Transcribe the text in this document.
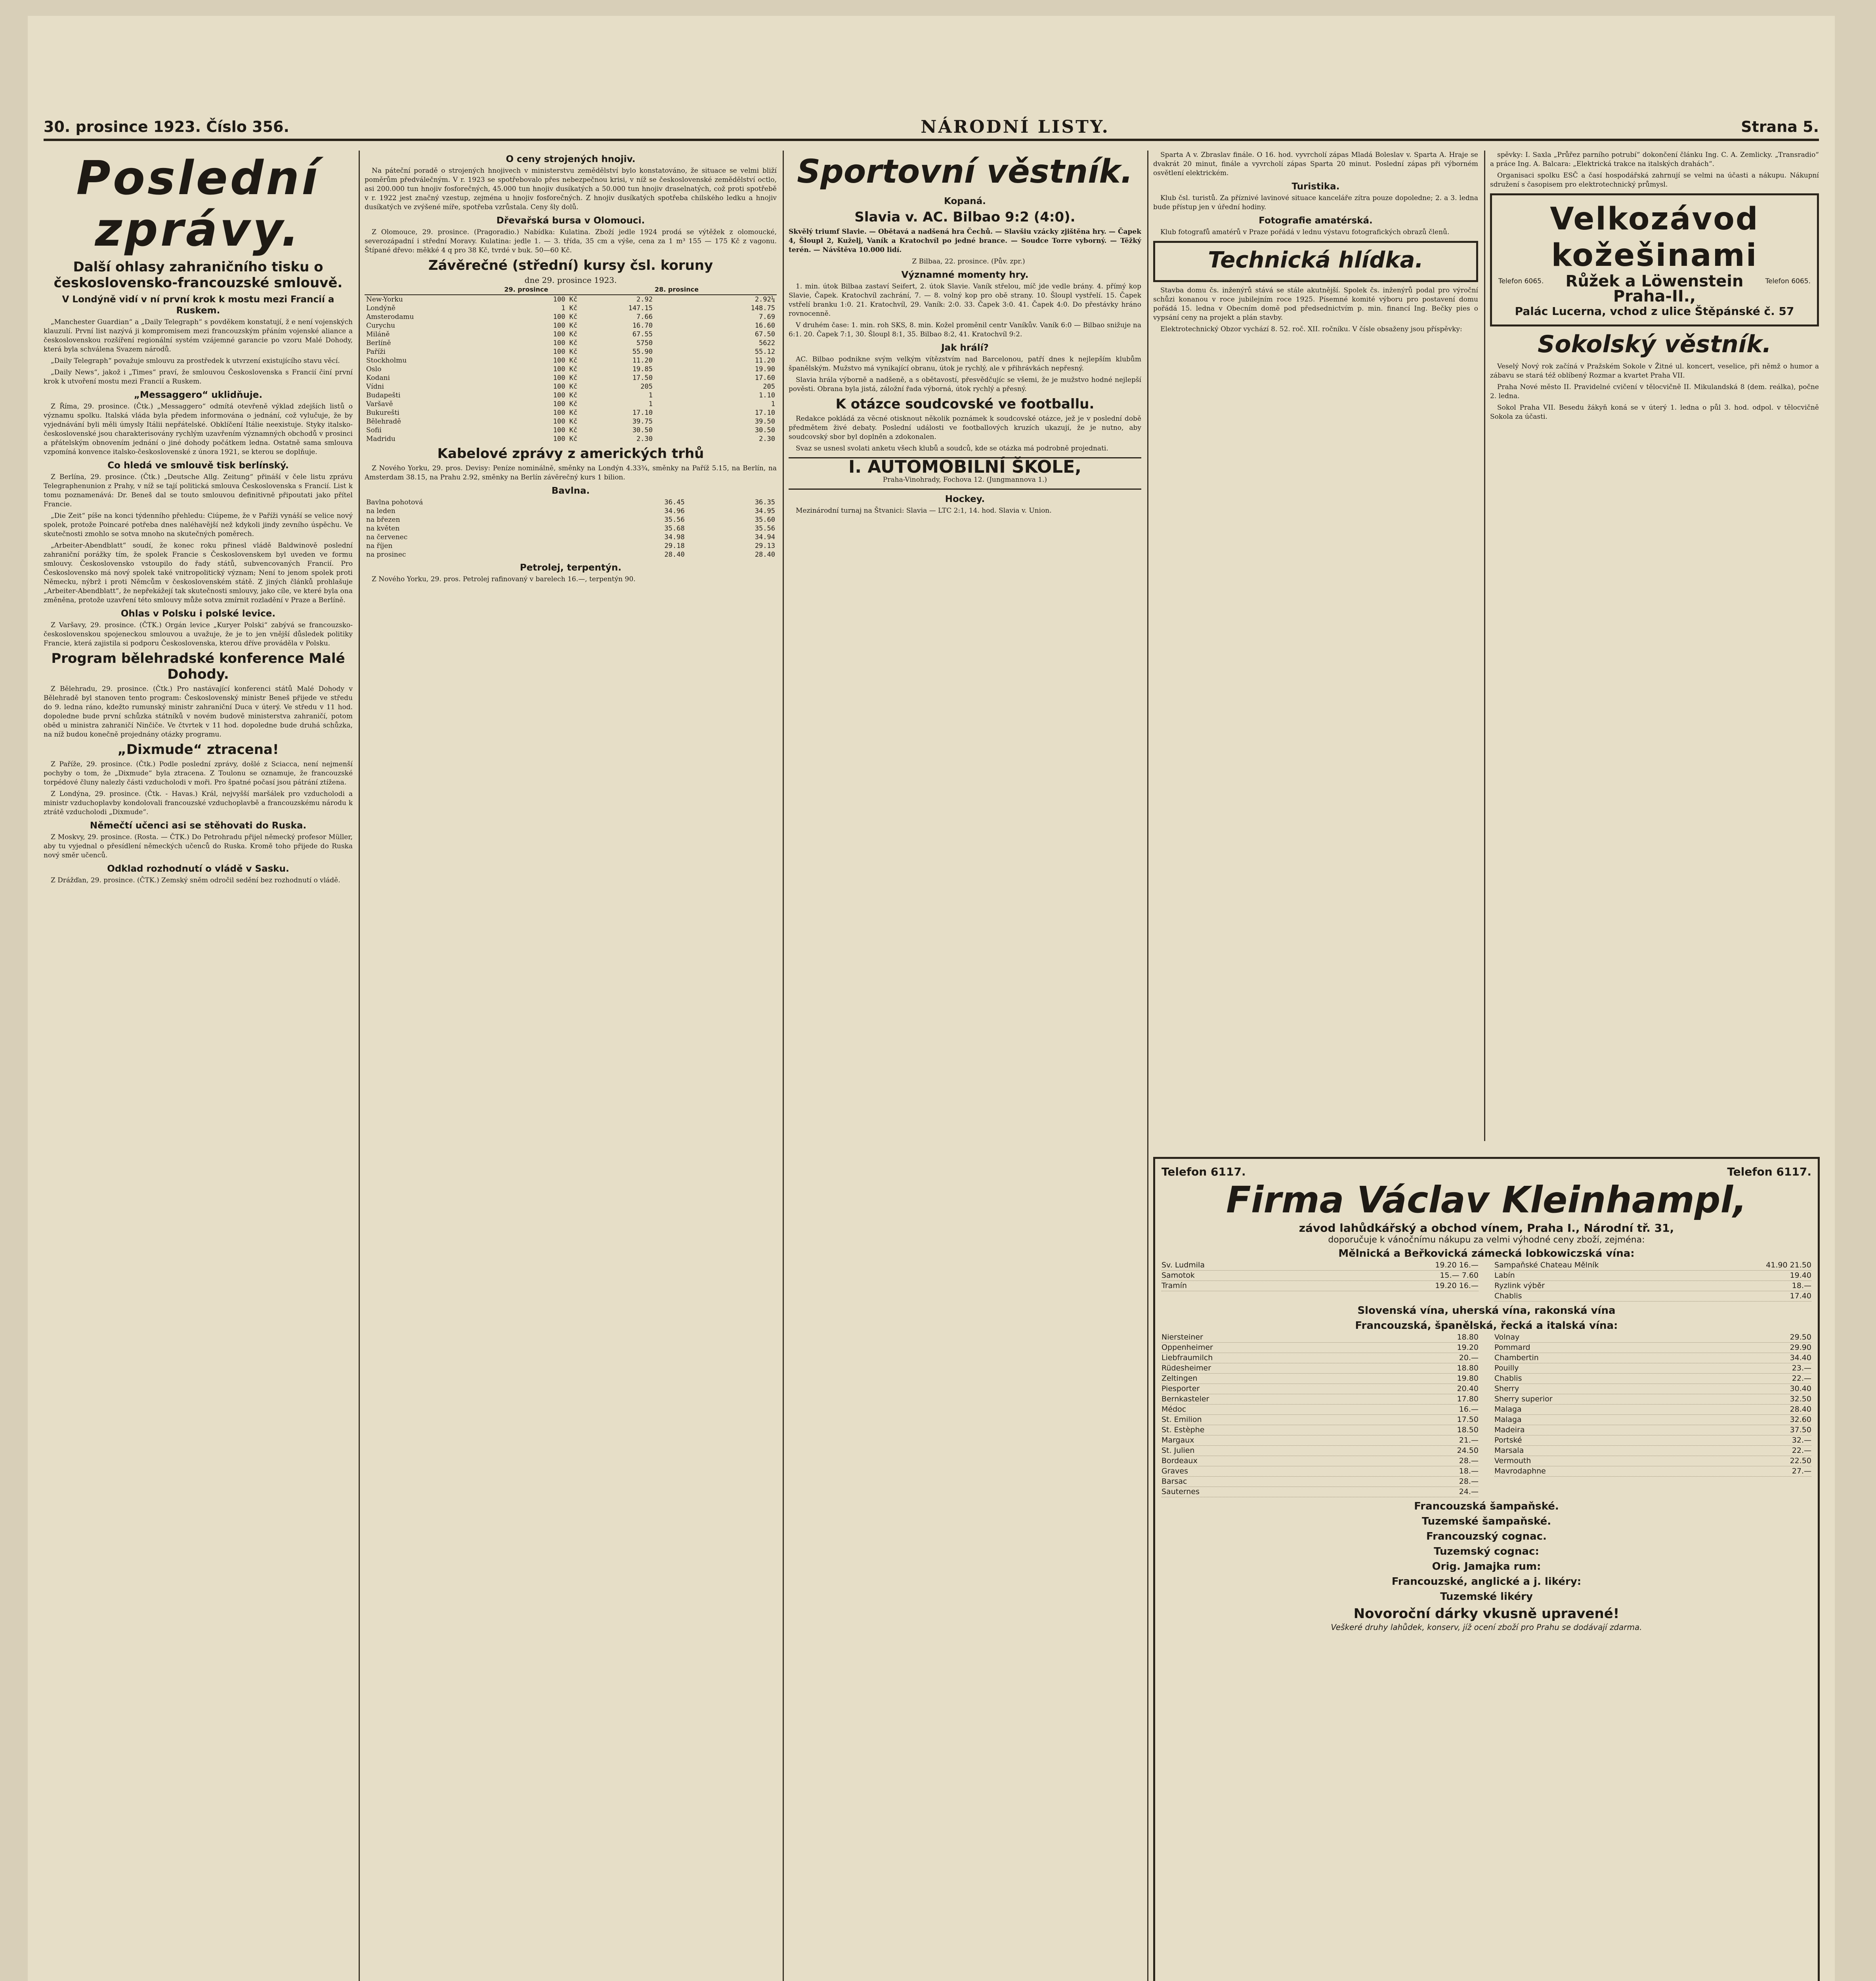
30. prosince 1923. Číslo 356.	NÁRODNÍ LISTY.	Strana 5.
Poslední zprávy.
Další ohlasy zahraničního tisku o československo-francouzské smlouvě.
V Londýně vidí v ní první krok k mostu mezi Francií a Ruskem.

„Manchester Guardian“ a „Daily Telegraph“ s povděkem konstatují, ž e není vojenských klauzulí. První list nazývá ji kompromisem mezi francouzským přáním vojenské aliance a československou rozšíření regionální systém vzájemné garancie po vzoru Malé Dohody, která byla schválena Svazem národů.

„Daily Telegraph“ považuje smlouvu za prostředek k utvrzení existujícího stavu věcí.

„Daily News“, jakož i „Times“ praví, že smlouvou Československa s Francií činí první krok k utvoření mostu mezi Francií a Ruskem.

„Messaggero“ uklidňuje.

Z Říma, 29. prosince. (Čtk.) „Messaggero“ odmítá otevřeně výklad zdejších listů o významu spolku. Italská vláda byla předem informována o jednání, což vylučuje, že by vyjednávání byli měli úmysly Itálii nepřátelské. Obklíčení Itálie neexistuje. Styky italsko-československé jsou charakterisovány rychlým uzavřením významných obchodů v prosinci a přátelským obnovením jednání o jiné dohody počátkem ledna. Ostatně sama smlouva vzpomíná konvence italsko-československé z února 1921, se kterou se doplňuje.

Co hledá ve smlouvě tisk berlínský.

Z Berlína, 29. prosince. (Čtk.) „Deutsche Allg. Zeitung“ přináší v čele listu zprávu Telegraphenunion z Prahy, v níž se tají politická smlouva Československa s Francií. List k tomu poznamenává: Dr. Beneš dal se touto smlouvou definitivně připoutati jako přítel Francie.

„Die Zeit“ píše na konci týdenního přehledu: Ciúpeme, že v Paříži vynáší se velice nový spolek, protože Poincaré potřeba dnes naléhavější než kdykoli jindy zevního úspěchu. Ve skutečnosti zmohlo se sotva mnoho na skutečných poměrech.

„Arbeiter-Abendblatt“ soudí, že konec roku přinesl vládě Baldwinově poslední zahraniční porážky tím, že spolek Francie s Československem byl uveden ve formu smlouvy. Československo vstoupilo do řady států, subvencovaných Francií. Pro Československo má nový spolek také vnitropolitický význam; Není to jenom spolek proti Německu, nýbrž i proti Němcům v československém státě. Z jiných článků prohlašuje „Arbeiter-Abendblatt“, že nepřekážejí tak skutečnosti smlouvy, jako cíle, ve které byla ona změněna, protože uzavření této smlouvy může sotva zmírnit rozladění v Praze a Berlíně.

Ohlas v Polsku i polské levice.

Z Varšavy, 29. prosince. (ČTK.) Orgán levice „Kuryer Polski“ zabývá se francouzsko-československou spojeneckou smlouvou a uvažuje, že je to jen vnější důsledek politiky Francie, která zajistila si podporu Československa, kterou dříve prováděla v Polsku.

Program bělehradské konference Malé Dohody.

Z Bělehradu, 29. prosince. (Čtk.) Pro nastávající konferenci států Malé Dohody v Bělehradě byl stanoven tento program: Československý ministr Beneš přijede ve středu do 9. ledna ráno, kdežto rumunský ministr zahraniční Duca v úterý. Ve středu v 11 hod. dopoledne bude první schůzka státníků v novém budově ministerstva zahraničí, potom oběd u ministra zahraničí Ninčiče. Ve čtvrtek v 11 hod. dopoledne bude druhá schůzka, na níž budou konečně projednány otázky programu.

„Dixmude“ ztracena!

Z Paříže, 29. prosince. (Čtk.) Podle poslední zprávy, došlé z Sciacca, není nejmenší pochyby o tom, že „Dixmude“ byla ztracena. Z Toulonu se oznamuje, že francouzské torpédové čluny nalezly části vzducholodi v moři. Pro špatné počasí jsou pátrání ztížena.

Z Londýna, 29. prosince. (Čtk. - Havas.) Král, nejvyšší maršálek pro vzducholodi a ministr vzduchoplavby kondolovali francouzské vzduchoplavbě a francouzskému národu k ztrátě vzducholodi „Dixmude“.

Němečtí učenci asi se stěhovati do Ruska.

Z Moskvy, 29. prosince. (Rosta. — ČTK.) Do Petrohradu přijel německý profesor Müller, aby tu vyjednal o přesídlení německých učenců do Ruska. Kromě toho přijede do Ruska nový směr učenců.

Odklad rozhodnutí o vládě v Sasku.

Z Drážďan, 29. prosince. (ČTK.) Zemský sněm odročil sedění bez rozhodnutí o vládě.

O ceny strojených hnojiv.

Na páteční poradě o strojených hnojivech v ministerstvu zemědělství bylo konstatováno, že situace se velmi bliží poměrům předválečným. V r. 1923 se spotřebovalo přes nebezpečnou krisi, v níž se československé zemědělství octlo, asi 200.000 tun hnojiv fosforečných, 45.000 tun hnojiv dusíkatých a 50.000 tun hnojiv draselnatých, což proti spotřebě v r. 1922 jest značný vzestup, zejména u hnojiv fosforečných. Z hnojiv dusíkatých spotřeba chilského ledku a hnojiv dusíkatých ve zvýšené míře, spotřeba vzrůstala. Ceny šly dolů.

Dřevařská bursa v Olomouci.

Z Olomouce, 29. prosince. (Pragoradio.) Nabídka: Kulatina. Zboží jedle 1924 prodá se výtěžek z olomoucké, severozápadní i střední Moravy. Kulatina: jedle 1. — 3. třída, 35 cm a výše, cena za 1 m³ 155 — 175 Kč z vagonu. Štípané dřevo: měkké 4 q pro 38 Kč, tvrdé v buk. 50—60 Kč.

Závěrečné (střední) kursy čsl. koruny
dne 29. prosince 1923.
	29. prosince		28. prosince
New-Yorku	100 Kč	2.92	2.92¼
Londýně	1 Kč	147.15	148.75
Amsterodamu	100 Kč	7.66	7.69
Curychu	100 Kč	16.70	16.60
Miláně	100 Kč	67.55	67.50
Berlíně	100 Kč	5750	5622
Paříži	100 Kč	55.90	55.12
Stockholmu	100 Kč	11.20	11.20
Oslo	100 Kč	19.85	19.90
Kodani	100 Kč	17.50	17.60
Vídni	100 Kč	205	205
Budapešti	100 Kč	1	1.10
Varšavě	100 Kč	1	1
Bukurešti	100 Kč	17.10	17.10
Bělehradě	100 Kč	39.75	39.50
Sofii	100 Kč	30.50	30.50
Madridu	100 Kč	2.30	2.30
Kabelové zprávy z amerických trhů

Z Nového Yorku, 29. pros. Devisy: Peníze nominálně, směnky na Londýn 4.33¾, směnky na Paříž 5.15, na Berlín, na Amsterdam 38.15, na Prahu 2.92, směnky na Berlín závěrečný kurs 1 bilion.

Bavlna.
Bavlna pohotová	36.45	36.35
na leden	34.96	34.95
na březen	35.56	35.60
na květen	35.68	35.56
na červenec	34.98	34.94
na říjen	29.18	29.13
na prosinec	28.40	28.40
Petrolej, terpentýn.

Z Nového Yorku, 29. pros. Petrolej rafinovaný v barelech 16.—, terpentýn 90.

Sportovní věstník.
Kopaná.
Slavia v. AC. Bilbao 9:2 (4:0).

Skvělý triumf Slavie. — Obětavá a nadšená hra Čechů. — Slavšiu vzácky zjištěna hry. — Čapek 4, Šloupl 2, Kuželj, Vaník a Kratochvíl po jedné brance. — Soudce Torre vyborný. — Těžký terén. — Návštěva 10.000 lidí.

Z Bilbaa, 22. prosince. (Pův. zpr.)

Významné momenty hry.

1. min. útok Bilbaa zastaví Seifert, 2. útok Slavie. Vaník střelou, míč jde vedle brány. 4. přímý kop Slavie, Čapek. Kratochvíl zachrání, 7. — 8. volný kop pro obě strany. 10. Šloupl vystřelí. 15. Čapek vstřelí branku 1:0. 21. Kratochvíl, 29. Vaník: 2:0. 33. Čapek 3:0. 41. Čapek 4:0. Do přestávky hráno rovnocenně.

V druhém čase: 1. min. roh SKS, 8. min. Kožel proměnil centr Vaníkův. Vaník 6:0 — Bilbao snižuje na 6:1. 20. Čapek 7:1, 30. Šloupl 8:1, 35. Bilbao 8:2, 41. Kratochvíl 9:2.

Jak hrálí?

AC. Bilbao podnikne svým velkým vítězstvím nad Barcelonou, patří dnes k nejlepším klubům španělským. Mužstvo má vynikající obranu, útok je rychlý, ale v přihrávkách nepřesný.

Slavia hrála výborně a nadšeně, a s obětavostí, přesvědčujíc se všemi, že je mužstvo hodné nejlepší pověsti. Obrana byla jistá, záložní řada výborná, útok rychlý a přesný.

K otázce soudcovské ve footballu.

Redakce pokládá za věcné otisknout několik poznámek k soudcovské otázce, jež je v poslední době předmětem živé debaty. Poslední události ve footballových kruzích ukazují, že je nutno, aby soudcovský sbor byl doplněn a zdokonalen.

Svaz se usnesl svolati anketu všech klubů a soudců, kde se otázka má podrobně projednati.

I. AUTOMOBILNÍ ŠKOLE,
Praha-Vinohrady, Fochova 12. (Jungmannova 1.)
Hockey.

Mezinárodní turnaj na Štvanici: Slavia — LTC 2:1, 14. hod. Slavia v. Union.

Sparta A v. Zbraslav finále. O 16. hod. vyvrcholí zápas Mladá Boleslav v. Sparta A. Hraje se dvakrát 20 minut, finále a vyvrcholí zápas Sparta 20 minut. Poslední zápas při výborném osvětlení elektrickém.

Turistika.

Klub čsl. turistů. Za příznivé lavinové situace kanceláře zítra pouze dopoledne; 2. a 3. ledna bude přístup jen v úřední hodiny.

Fotografie amatérská.

Klub fotografů amatérů v Praze pořádá v lednu výstavu fotografických obrazů členů.

Technická hlídka.

Stavba domu čs. inženýrů stává se stále akutnější. Spolek čs. inženýrů podal pro výroční schůzi konanou v roce jubilejním roce 1925. Písemné komité výboru pro postavení domu pořádá 15. ledna v Obecním domě pod předsednictvím p. min. financí Ing. Bečky pies o vypsání ceny na projekt a plán stavby.

Elektrotechnický Obzor vychází 8. 52. roč. XII. ročníku. V čísle obsaženy jsou příspěvky:

spěvky: I. Saxla „Průřez parního potrubí“ dokončení článku Ing. C. A. Zemlicky. „Transradio“ a práce Ing. A. Balcara: „Elektrická trakce na italských drahách“.

Organisaci spolku ESČ a časí hospodářská zahrnují se velmi na účasti a nákupu. Nákupní sdružení s časopisem pro elektrotechnický průmysl.

Velkozávod kožešinami
Telefon 6065. Růžek a Löwenstein	Telefon 6065.
Praha-II.,
Palác Lucerna, vchod z ulice Štěpánské č. 57
Sokolský věstník.

Veselý Nový rok začíná v Pražském Sokole v Žitné ul. koncert, veselice, při němž o humor a zábavu se stará též oblíbený Rozmar a kvartet Praha VII.

Praha Nové město II. Pravidelné cvičení v tělocvičně II. Mikulandská 8 (dem. reálka), počne 2. ledna.

Sokol Praha VII. Besedu žákyň koná se v úterý 1. ledna o půl 3. hod. odpol. v tělocvičně Sokola za účasti.

Telefon 6117.	Telefon 6117.
Firma Václav Kleinhampl,
závod lahůdkářský a obchod vínem, Praha I., Národní tř. 31,
doporučuje k vánočnímu nákupu za velmi výhodné ceny zboží, zejména:
Mělnická a Beřkovická zámecká lobkowiczská vína:
Sv. Ludmila	19.20 16.—
Samotok	15.— 7.60
Tramín	19.20 16.—
Sampaňské Chateau Mělník	41.90 21.50
Labín	19.40
Ryzlink výběr	18.—
Chablis	17.40
Slovenská vína, uherská vína, rakonská vína
Francouzská, španělská, řecká a italská vína:
Niersteiner	18.80
Oppenheimer	19.20
Liebfraumilch	20.—
Rüdesheimer	18.80
Zeltingen	19.80
Piesporter	20.40
Bernkasteler	17.80
Médoc	16.—
St. Emilion	17.50
St. Estèphe	18.50
Margaux	21.—
St. Julien	24.50
Bordeaux	28.—
Graves	18.—
Barsac	28.—
Sauternes	24.—
Volnay	29.50
Pommard	29.90
Chambertin	34.40
Pouilly	23.—
Chablis	22.—
Sherry	30.40
Sherry superior	32.50
Malaga	28.40
Malaga	32.60
Madeira	37.50
Portské	32.—
Marsala	22.—
Vermouth	22.50
Mavrodaphne	27.—
Francouzská šampaňské.
Tuzemské šampaňské.
Francouzský cognac.
Tuzemský cognac:
Orig. Jamajka rum:
Francouzské, anglické a j. likéry:
Tuzemské likéry
Novoroční dárky vkusně upravené!
Veškeré druhy lahůdek, konserv, jíž ocení zboží pro Prahu se dodávají zdarma.
